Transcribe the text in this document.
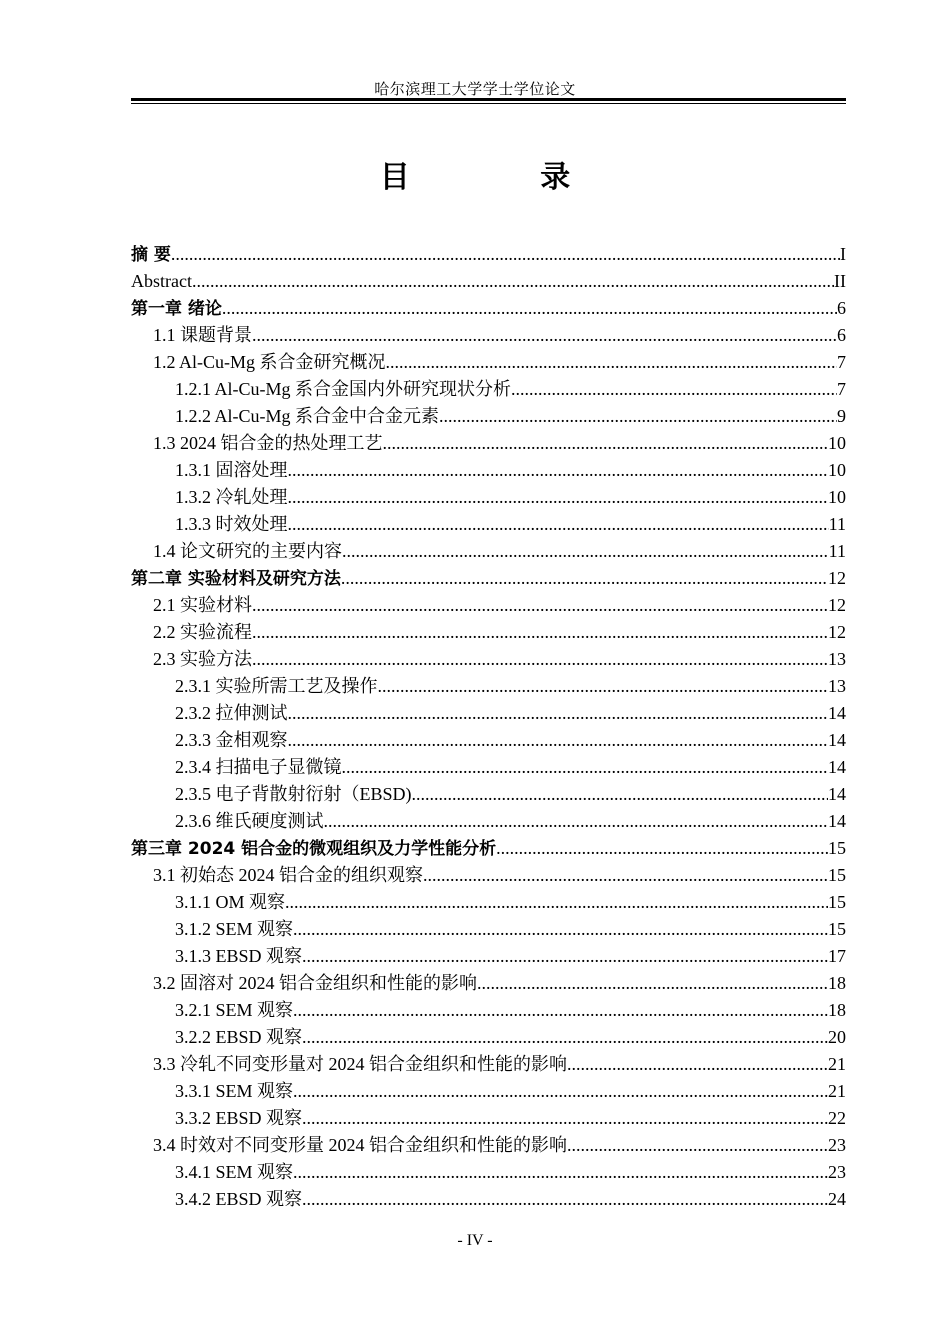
哈尔滨理工大学学士学位论文
目 录
摘 要 .....	I
Abstract .....	II
第一章 绪论 .....	6
1.1 课题背景 .....	6
1.2 Al-Cu-Mg 系合金研究概况 .....	7
1.2.1 Al-Cu-Mg 系合金国内外研究现状分析 .....	7
1.2.2 Al-Cu-Mg 系合金中合金元素 .....	9
1.3 2024 铝合金的热处理工艺 .....	10
1.3.1 固溶处理 .....	10
1.3.2 冷轧处理 .....	10
1.3.3 时效处理 .....	11
1.4 论文研究的主要内容 .....	11
第二章 实验材料及研究方法 .....	12
2.1 实验材料 .....	12
2.2 实验流程 .....	12
2.3 实验方法 .....	13
2.3.1 实验所需工艺及操作 .....	13
2.3.2 拉伸测试 .....	14
2.3.3 金相观察 .....	14
2.3.4 扫描电子显微镜 .....	14
2.3.5 电子背散射衍射（EBSD) .....	14
2.3.6 维氏硬度测试 .....	14
第三章 2024 铝合金的微观组织及力学性能分析 .....	15
3.1 初始态 2024 铝合金的组织观察 .....	15
3.1.1 OM 观察 .....	15
3.1.2 SEM 观察 .....	15
3.1.3 EBSD 观察 .....	17
3.2 固溶对 2024 铝合金组织和性能的影响 .....	18
3.2.1 SEM 观察 .....	18
3.2.2 EBSD 观察 .....	20
3.3 冷轧不同变形量对 2024 铝合金组织和性能的影响 .....	21
3.3.1 SEM 观察 .....	21
3.3.2 EBSD 观察 .....	22
3.4 时效对不同变形量 2024 铝合金组织和性能的影响 .....	23
3.4.1 SEM 观察 .....	23
3.4.2 EBSD 观察 .....	24
- IV -
